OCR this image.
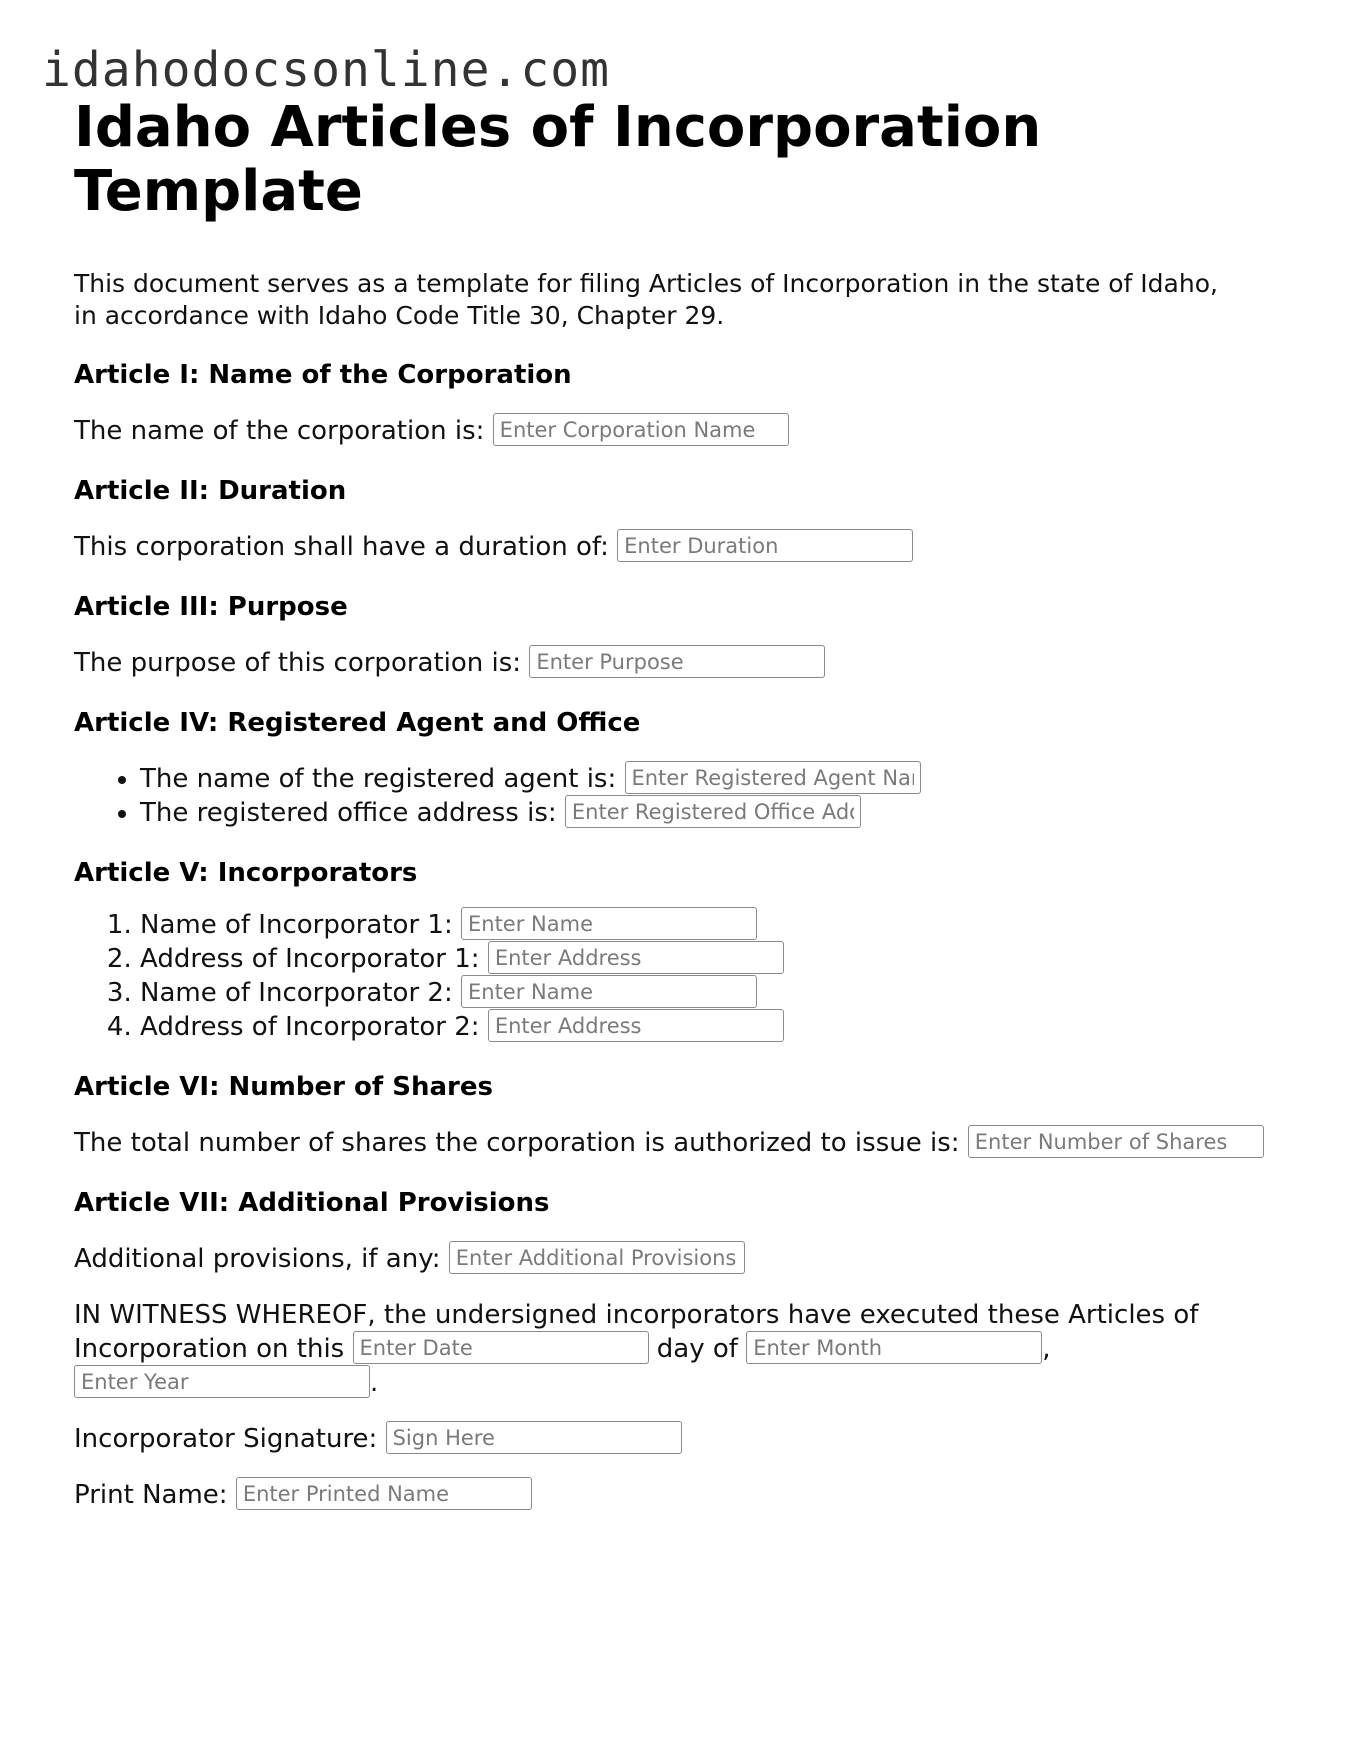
idahodocsonline.com
Idaho Articles of Incorporation Template

This document serves as a template for filing Articles of Incorporation in the state of Idaho, in accordance with Idaho Code Title 30, Chapter 29.

Article I: Name of the Corporation

The name of the corporation is: Enter Corporation Name

Article II: Duration

This corporation shall have a duration of: Enter Duration

Article III: Purpose

The purpose of this corporation is: Enter Purpose

Article IV: Registered Agent and Office
• The name of the registered agent is: Enter Registered Agent Name
• The registered office address is: Enter Registered Office Address
Article V: Incorporators
1. Name of Incorporator 1: Enter Name
2. Address of Incorporator 1: Enter Address
3. Name of Incorporator 2: Enter Name
4. Address of Incorporator 2: Enter Address
Article VI: Number of Shares

The total number of shares the corporation is authorized to issue is: Enter Number of Shares

Article VII: Additional Provisions

Additional provisions, if any: Enter Additional Provisions

IN WITNESS WHEREOF, the undersigned incorporators have executed these Articles of Incorporation on this Enter Date	day of Enter Month	,
Enter Year.

Incorporator Signature: Sign Here

Print Name: Enter Printed Name
